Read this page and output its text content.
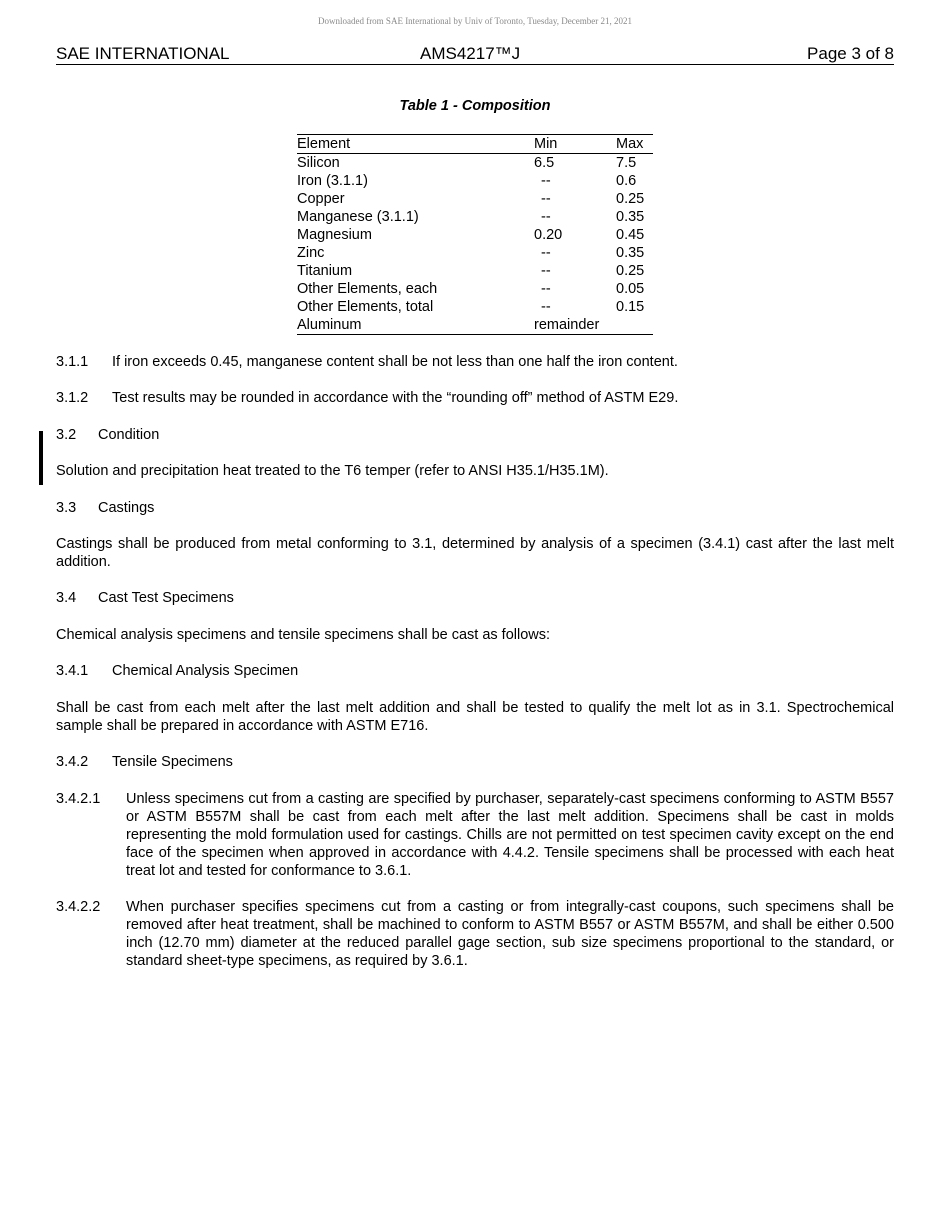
Downloaded from SAE International by Univ of Toronto, Tuesday, December 21, 2021
SAE INTERNATIONAL	AMS4217™J	Page 3 of 8
Table 1 - Composition
Element	Min	Max
Silicon	6.5	7.5
Iron (3.1.1)	--	0.6
Copper	--	0.25
Manganese (3.1.1)	--	0.35
Magnesium	0.20	0.45
Zinc	--	0.35
Titanium	--	0.25
Other Elements, each	--	0.05
Other Elements, total	--	0.15
Aluminum	remainder	
3.1.1 If iron exceeds 0.45, manganese content shall be not less than one half the iron content.
3.1.2 Test results may be rounded in accordance with the “rounding off” method of ASTM E29.
3.2 Condition
Solution and precipitation heat treated to the T6 temper (refer to ANSI H35.1/H35.1M).
3.3 Castings
Castings shall be produced from metal conforming to 3.1, determined by analysis of a specimen (3.4.1) cast after the last melt addition.
3.4 Cast Test Specimens
Chemical analysis specimens and tensile specimens shall be cast as follows:
3.4.1 Chemical Analysis Specimen
Shall be cast from each melt after the last melt addition and shall be tested to qualify the melt lot as in 3.1. Spectrochemical sample shall be prepared in accordance with ASTM E716.
3.4.2 Tensile Specimens
3.4.2.1 Unless specimens cut from a casting are specified by purchaser, separately-cast specimens conforming to ASTM B557 or ASTM B557M shall be cast from each melt after the last melt addition. Specimens shall be cast in molds representing the mold formulation used for castings. Chills are not permitted on test specimen cavity except on the end face of the specimen when approved in accordance with 4.4.2. Tensile specimens shall be processed with each heat treat lot and tested for conformance to 3.6.1.
3.4.2.2 When purchaser specifies specimens cut from a casting or from integrally-cast coupons, such specimens shall be removed after heat treatment, shall be machined to conform to ASTM B557 or ASTM B557M, and shall be either 0.500 inch (12.70 mm) diameter at the reduced parallel gage section, sub size specimens proportional to the standard, or standard sheet-type specimens, as required by 3.6.1.
